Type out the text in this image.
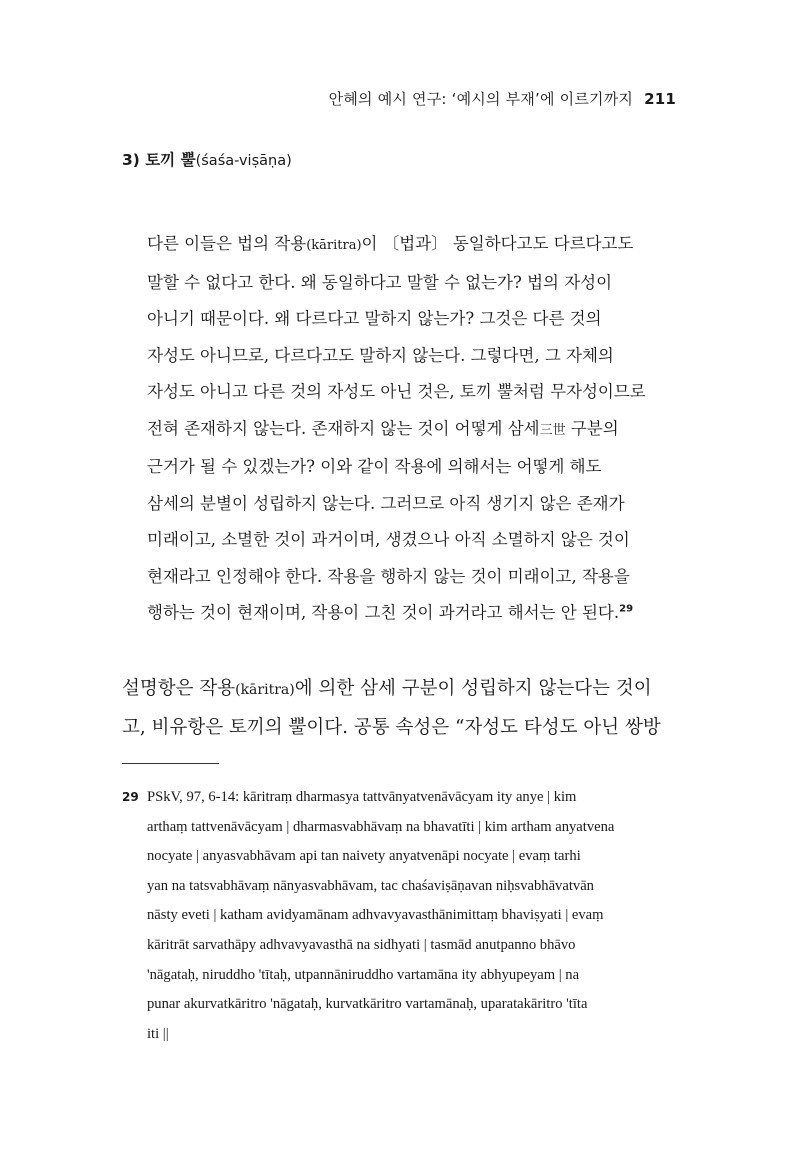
안혜의 예시 연구: ‘예시의 부재’에 이르기까지 211
3) 토끼 뿔(śaśa-viṣāṇa)
다른 이들은 법의 작용(kāritra)이 〔법과〕 동일하다고도 다르다고도
말할 수 없다고 한다. 왜 동일하다고 말할 수 없는가? 법의 자성이
아니기 때문이다. 왜 다르다고 말하지 않는가? 그것은 다른 것의
자성도 아니므로, 다르다고도 말하지 않는다. 그렇다면, 그 자체의
자성도 아니고 다른 것의 자성도 아닌 것은, 토끼 뿔처럼 무자성이므로
전혀 존재하지 않는다. 존재하지 않는 것이 어떻게 삼세三世 구분의
근거가 될 수 있겠는가? 이와 같이 작용에 의해서는 어떻게 해도
삼세의 분별이 성립하지 않는다. 그러므로 아직 생기지 않은 존재가
미래이고, 소멸한 것이 과거이며, 생겼으나 아직 소멸하지 않은 것이
현재라고 인정해야 한다. 작용을 행하지 않는 것이 미래이고, 작용을
행하는 것이 현재이며, 작용이 그친 것이 과거라고 해서는 안 된다.$^{29}$
설명항은 작용(kāritra)에 의한 삼세 구분이 성립하지 않는다는 것이
고, 비유항은 토끼의 뿔이다. 공통 속성은 “자성도 타성도 아닌 쌍방
29 PSkV, 97, 6-14: kāritraṃ dharmasya tattvānyatvenāvācyam ity anye | kim
arthaṃ tattvenāvācyam | dharmasvabhāvaṃ na bhavatīti | kim artham anyatvena
nocyate | anyasvabhāvam api tan naivety anyatvenāpi nocyate | evaṃ tarhi
yan na tatsvabhāvaṃ nānyasvabhāvam, tac chaśaviṣāṇavan niḥsvabhāvatvān
nāsty eveti | katham avidyamānam adhvavyavasthānimittaṃ bhaviṣyati | evaṃ
kāritrāt sarvathāpy adhvavyavasthā na sidhyati | tasmād anutpanno bhāvo
'nāgataḥ, niruddho 'tītaḥ, utpannāniruddho vartamāna ity abhyupeyam | na
punar akurvatkāritro 'nāgataḥ, kurvatkāritro vartamānaḥ, uparatakāritro 'tīta
iti ||
